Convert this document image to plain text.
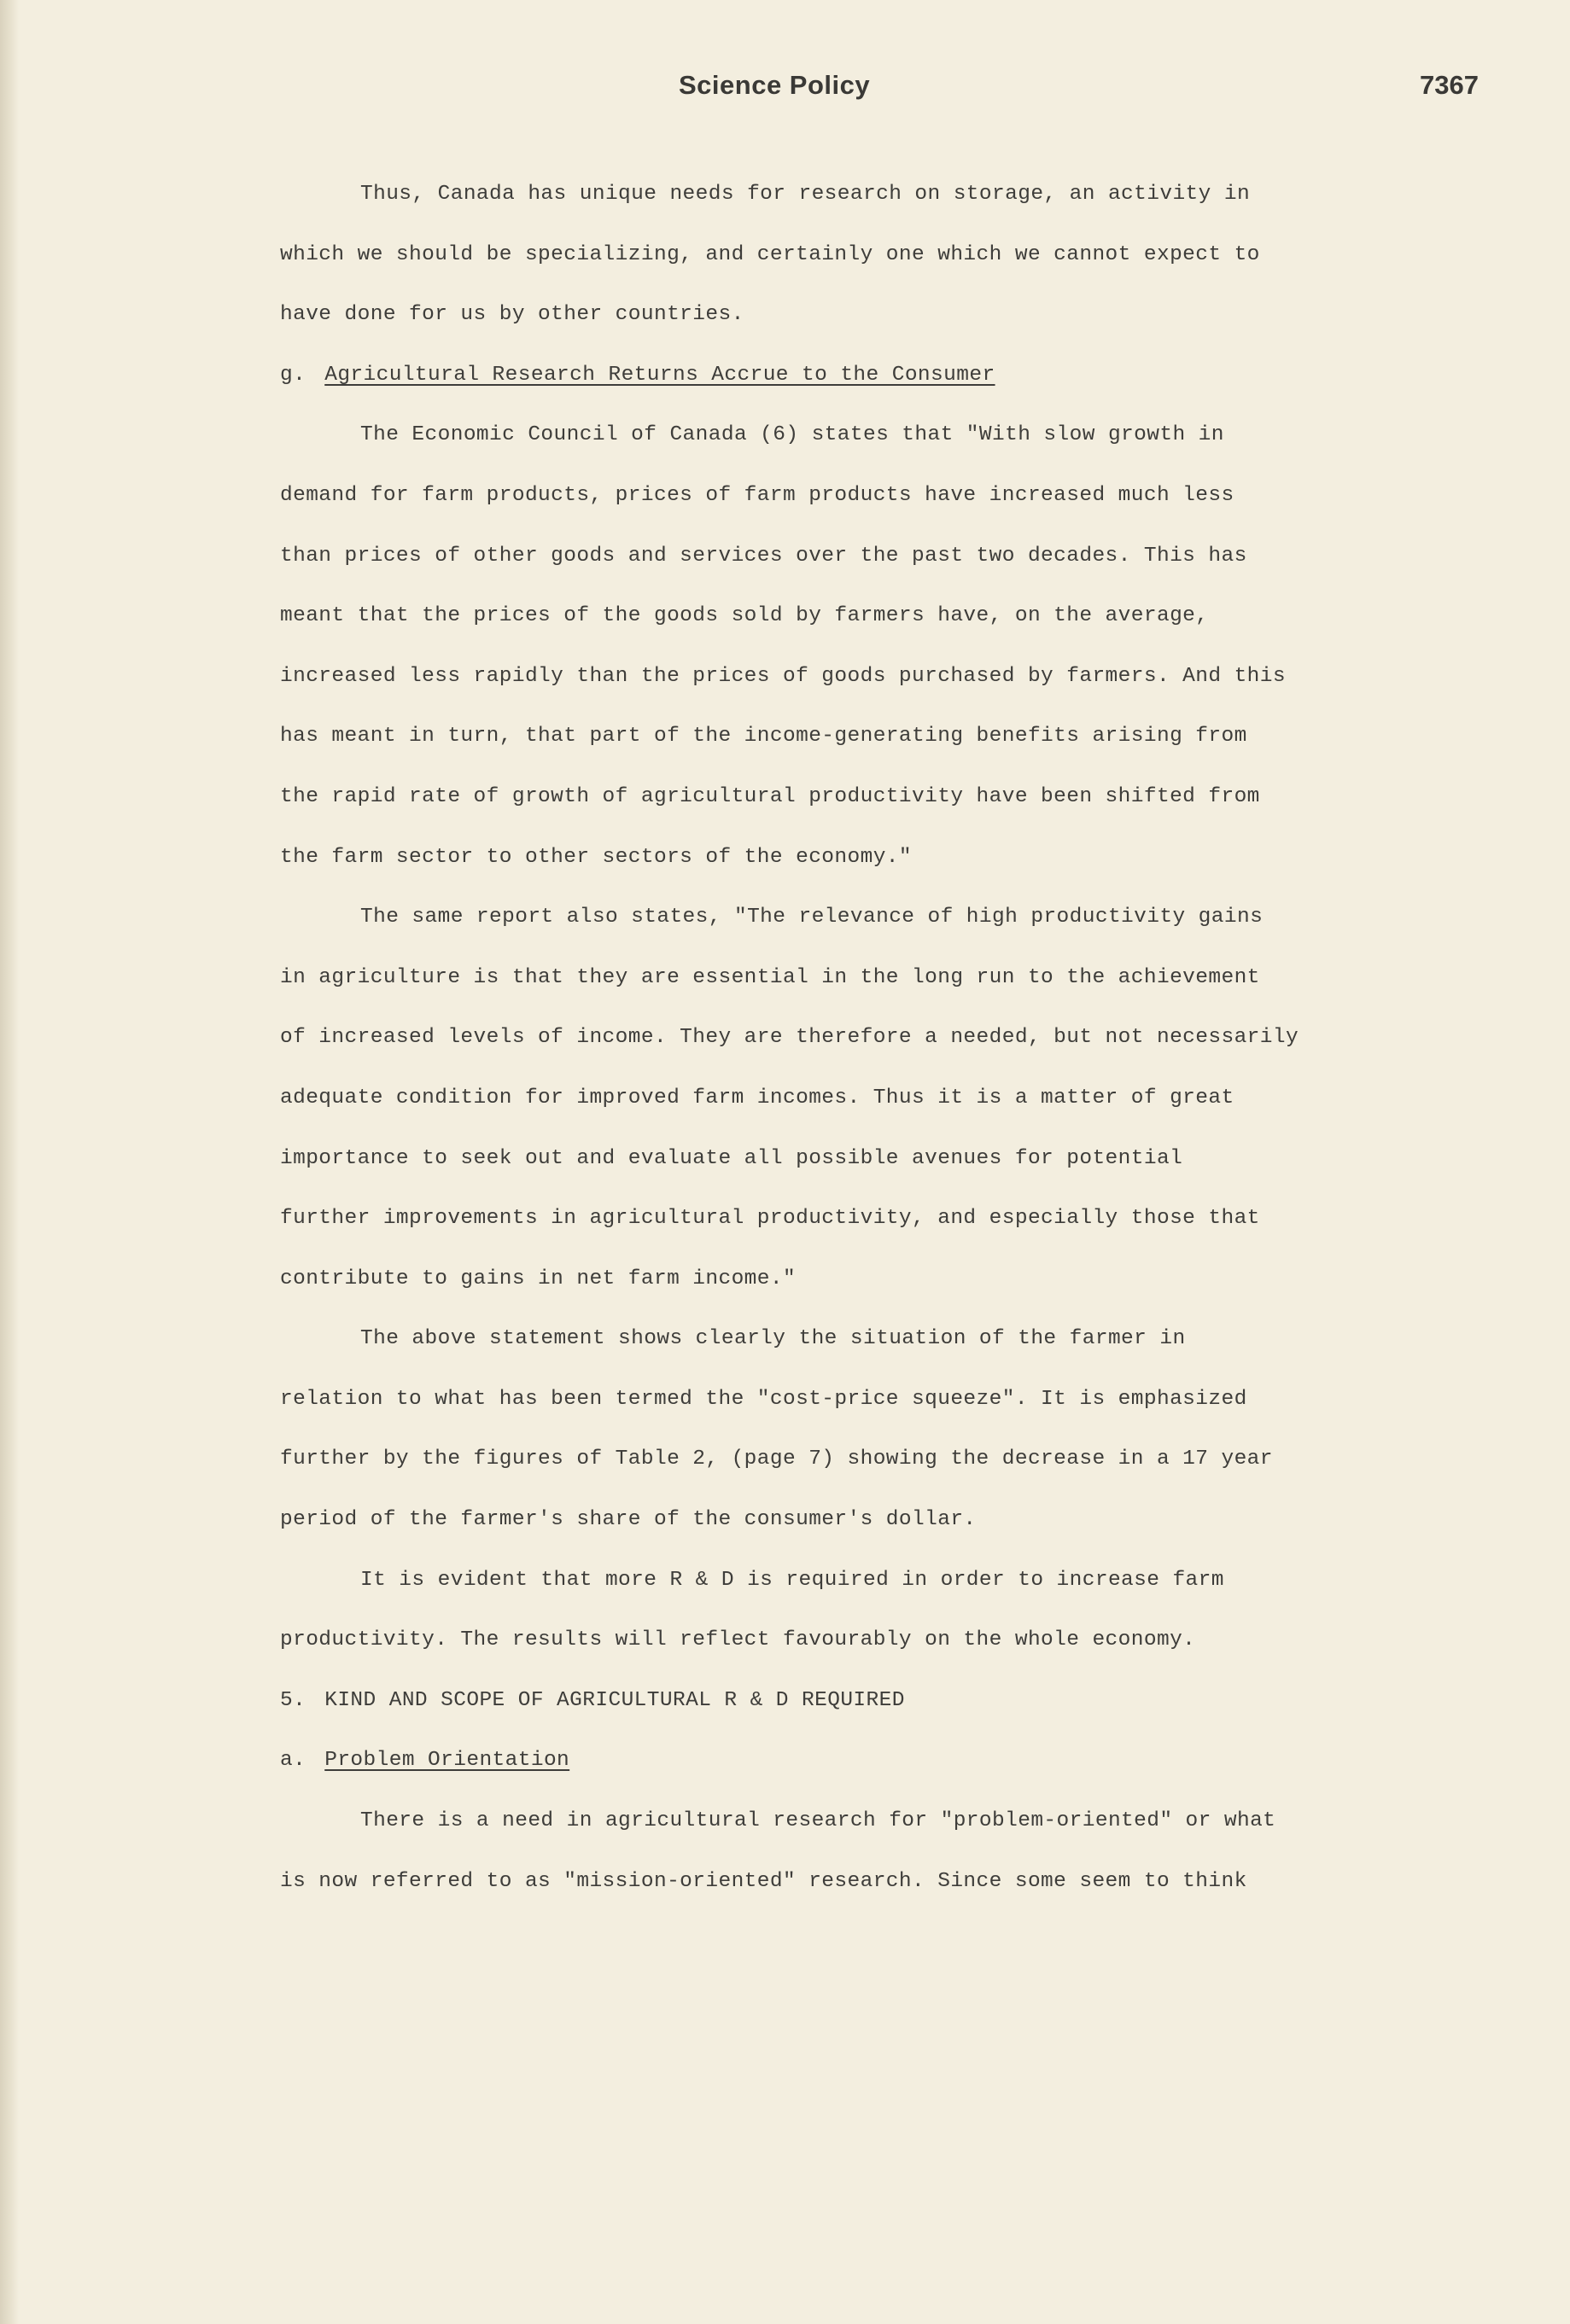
Science Policy	7367
Thus, Canada has unique needs for research on storage, an activity in
which we should be specializing, and certainly one which we cannot expect to
have done for us by other countries.
g. Agricultural Research Returns Accrue to the Consumer
The Economic Council of Canada (6) states that "With slow growth in
demand for farm products, prices of farm products have increased much less
than prices of other goods and services over the past two decades. This has
meant that the prices of the goods sold by farmers have, on the average,
increased less rapidly than the prices of goods purchased by farmers. And this
has meant in turn, that part of the income-generating benefits arising from
the rapid rate of growth of agricultural productivity have been shifted from
the farm sector to other sectors of the economy."
The same report also states, "The relevance of high productivity gains
in agriculture is that they are essential in the long run to the achievement
of increased levels of income. They are therefore a needed, but not necessarily
adequate condition for improved farm incomes. Thus it is a matter of great
importance to seek out and evaluate all possible avenues for potential
further improvements in agricultural productivity, and especially those that
contribute to gains in net farm income."
The above statement shows clearly the situation of the farmer in
relation to what has been termed the "cost-price squeeze". It is emphasized
further by the figures of Table 2, (page 7) showing the decrease in a 17 year
period of the farmer's share of the consumer's dollar.
It is evident that more R & D is required in order to increase farm
productivity. The results will reflect favourably on the whole economy.
5. KIND AND SCOPE OF AGRICULTURAL R & D REQUIRED
a. Problem Orientation
There is a need in agricultural research for "problem-oriented" or what
is now referred to as "mission-oriented" research. Since some seem to think
